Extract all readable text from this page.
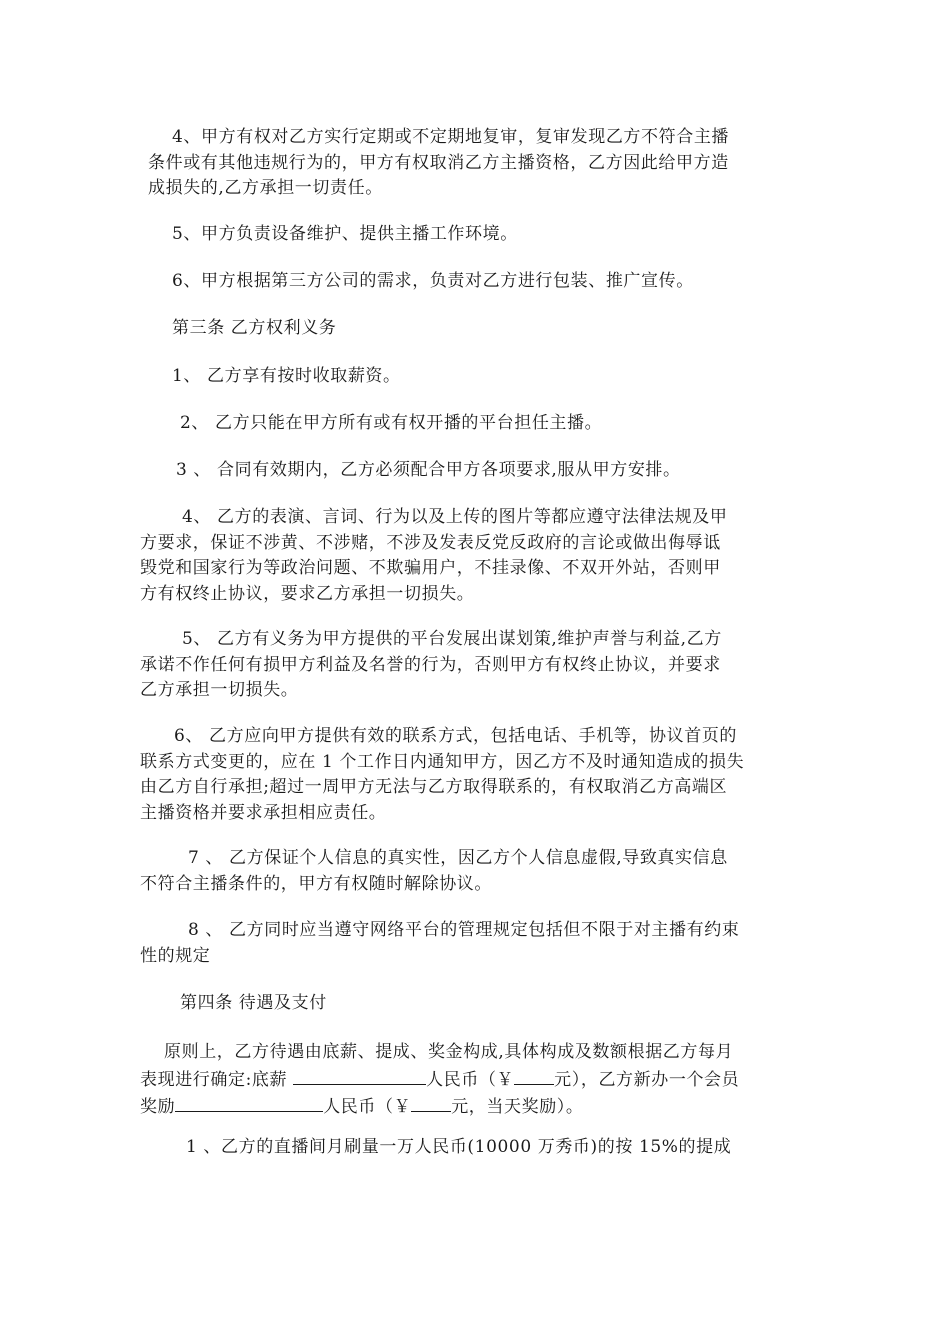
4、甲方有权对乙方实行定期或不定期地复审，复审发现乙方不符合主播
条件或有其他违规行为的，甲方有权取消乙方主播资格，乙方因此给甲方造
成损失的,乙方承担一切责任。
5、甲方负责设备维护、提供主播工作环境。
6、甲方根据第三方公司的需求，负责对乙方进行包装、推广宣传。
第三条 乙方权利义务
1、 乙方享有按时收取薪资。
2、 乙方只能在甲方所有或有权开播的平台担任主播。
3 、 合同有效期内，乙方必须配合甲方各项要求,服从甲方安排。
4、 乙方的表演、言词、行为以及上传的图片等都应遵守法律法规及甲
方要求，保证不涉黄、不涉赌，不涉及发表反党反政府的言论或做出侮辱诋
毁党和国家行为等政治问题、不欺骗用户，不挂录像、不双开外站，否则甲
方有权终止协议，要求乙方承担一切损失。
5、 乙方有义务为甲方提供的平台发展出谋划策,维护声誉与利益,乙方
承诺不作任何有损甲方利益及名誉的行为，否则甲方有权终止协议，并要求
乙方承担一切损失。
6、 乙方应向甲方提供有效的联系方式，包括电话、手机等，协议首页的
联系方式变更的，应在 1 个工作日内通知甲方，因乙方不及时通知造成的损失
由乙方自行承担;超过一周甲方无法与乙方取得联系的，有权取消乙方高端区
主播资格并要求承担相应责任。
7 、 乙方保证个人信息的真实性，因乙方个人信息虚假,导致真实信息
不符合主播条件的，甲方有权随时解除协议。
8 、 乙方同时应当遵守网络平台的管理规定包括但不限于对主播有约束
性的规定
第四条 待遇及支付
原则上，乙方待遇由底薪、提成、奖金构成,具体构成及数额根据乙方每月
表现进行确定:底薪	人民币（￥ 元），乙方新办一个会员
奖励	人民币（￥ 元，当天奖励）。
1 、乙方的直播间月刷量一万人民币(10000 万秀币)的按 15%的提成
